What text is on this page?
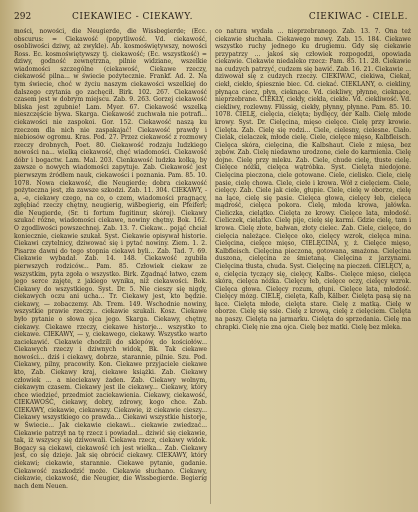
292	CIEKAWIEC - CIEKAWY.	CIEKIWAC - CIELE.

mości, nowości, die Neugierde, die Wissbegierde; (Ecc. obscurus: = Ciekawość (popytliwość. Vd. ciekawość, osobliwości dziwy, aż zwykle). Ab. kosmoświętywszy, nowości Ross. Ec. kosmoświętywszy tj. ciekawość; (Ec. wszystkość) = dziwy, godność zewnętrzna, pilnie widziane, wszelkie wiadomości szczególne (ciekawość, Ciekawe rzeczy, ciekawość pilna... w świecie pożytecznie. Frankf. Ad. 2. Na tym świecie, choć w życiu naszym ciekawości wszelkiej do dalszego czytania go zachęcił. Birk. 102. 267. Ciekawość czasem jest w dobrym miejscu. Zab. 9. 263. Gorzej ciekawość bliska jest zgubnie! Lam. Myer. 67. Ciekawość wszelką nieszczęście bywa. Skarga. Ciekawość zuchwała nie potrafi... ciekawości nie zaspokoi. Gor. 152. Ciekawość naszą ku rzeczom dla nich nie zaspakajać! Ciekawość prawdy i niebiosów ogromu. Kras. Pod. 27. Przez ciekawość z rozmowy rzeczy drobnych, Poet. 80. Ciekawość rodzaju ludzkiego nowości na... wielką ciekawość, chęć wiadomości. Ciekawość dóbr i bogactw. Lam. Mal. 203. Cienkawość ludzka kolką, by zawsze o nowych wiadomości zapytuje. Zab. Ciekawość jest pierwszym źródłem nauk, ciekawości i poznania. Pam. 85. 10. 1078. Nowa ciekawość, die Neugierde; dobra ciekawość pożyteczna jest, zła zawsze szkodzi. Zab. 11. 304. CIEKAWY, -a, -e, ciekawy czego, na co, o czem, wiadomości pragnący, zgłębiać rzeczy chętny, neugierig, wißbegierig, ein Pfeiferl; die Neugierde, (Sr. ti fortum fugitinur, skórej). Ciekawy szukać różne, wiadomości ciekawe, nowiny chętny. Bok. 162. O zgodliwości powszechnej. Zab. 13. 7. Ciekaw... pojąć chciał koniecznie, ciekawie szukał. Syst. Ciekawie opisywał historie. Ciekawi czytelnicy, dziwować się i pytać nowiny. Ziem. 1. 2. Pisarze dawni do tego stopnia ciekawi byli... Zab. Tad. 7. 69. Ciekawie wybadał. Zab. 14. 148. Ciekawość zgubiła pierwszych rodziców... Pam. 85. Człowiek ciekaw ze wszystkim, pyta zgoła o wszystko. Birk. Zgadnąć łatwo, czem jego serce zajęte, z jakiego wynika, niż ciekawości. Bok. Ciekawy do wszystkiego. Syst. Dr. 5. Nie cieszy się nigdy, ciekawych oczu ani ucha... Tr. Ciekawy jest, kto będzie. ciekawy, — zobaczemy. Ab. Trem. 149. Wschodnie nowiny, wszystkie prawie rzeczy... ciekawie szukali. Kosz. Ciekawe było pytanie o słowa ojca jego. Skarga. Ciekawy, chętny, ciekawy. Ciekawe rzeczy, ciekawe historje... wszystko to ciekawe. CIEKAWY, — y, ciekawego, ciekawy. Wszystko warto zaciekawić. Ciekawie chodzili do sklepów, do kościołów... Ciekawych rzeczy i dziwnych widok, Bk. Tak ciekawe nowości... dziś i ciekawy, dobrze, starannie, pilnie. Szu. Pod. Ciekawy, pilny, pracowity. Kon. Ciekawe przyjaciele ciekawe kto, Zab. Ciekawy kraj, ciekawe książki. Zab. Ciekawy człowiek ... a nieciekawy żaden. Zab. Ciekawy wolnym, ciekawym czasem. Ciekawy jest ile ciekawy... Ciekawy, który chce wiedzieć, przedmiot zaciekawienia. Ciekawy, ciekawość, CIEKAWOŚĆ, ciekawy, dobry, zdrowy, kogo chce. Zab. CIEKAWY, ciekawie, ciekawszy. Ciekawie, iż ciekawie cieszy... Ciekawy wszystkiego co prawda... Ciekawi wszystkie historje, w Świecie... Jak ciekawie ciekawi... ciekawie zwiedzać... Ciekawie patrzył na tę rzecz i powiadał... dziwić się ciekawie, tak, iż wszyscy się dziwowali. Ciekawa rzecz, ciekawy widok. Bogacy są ciekawi, ciekawość ich jest wielka... Zab. Ciekawy jest, co się dzieje. Jak się obrócić ciekawy. CIEKAWY, który ciekawi; ciekawie, starannie. Ciekawe pytanie, gadanie. Ciekawość zaszkodzić może. Ciekawie słuchano. Ciekawy, ciekawie, ciekawość, die Neugier, die Wissbegierde. Begierig nach dem Neuen.

co natura wydała ... nieprzebranego. Zab. 13. 7. Ona też ciekawie słuchała. Ciekawego mowy. Zab. 15. 184. Ciekawe wszystko ruchy jednego ku drugiemu. Gdy się ciekawie przypatrzy ... jakoś się człowiek rozpogodzi, opowiada ciekawie. Ciekawie niedaleko rzecz: Pam. 85. 11. 28. Ciekawie na cudzych patrzyć, cudzem się bawić. Zab. 16. 21. Ciekawie ... dziwował się z cudzych rzeczy. CIEKIWAC, ciekiwa, Ciekał, ciekł, ciekło, śpiesznie biec. Cd. ciekać. CIEKLANY, o. ciekliny, płynąca ciecz, płyn, cieknące. Vd. ciekliwy, płynne, cieknące, nieprzebrane. CIEKŁY, ciekły, ciekła, ciekłe. Vd. ciekliwość. Vd. ciekliwy, rozlewny. Flüssig, ciekły, płynny, płynne. Pam. 85. 10. 1078. CIELĘ, cielęcia, cielęta; bydlęcy, der Kalb. Cielę młode krowy. Syst. Dr. Cielęcina, mięso cielęce. Cielę przy krowie. Cielęta. Zab. Cielę się rodzi... Ciele, cielesny, cielesne. Ciało. Cielak, cielaczek, młode cielę. Ciele, cielęce mięso, Kalbfleisch. Cielęca skóra, cielęcina, die Kalbshaut. Ciele z mięsa, bez zębów. Zab. Cielę niedawno urodzone, ciele do karmienia. Cielę dojne. Cielę przy mleku. Zab. Ciele, chude cielę, tłuste cielę. Cielęce nóżki, cielęca wątróbka. Syst. Cielęta niedojone. Cielęcina pieczona, ciele gotowane. Ciele, cielisko. Ciele, cielę pasie, cielę chowa. Ciele, ciele i krowa. Wół z cielęciem. Ciele, cielęcy. Zab. Ciele jak ciele, głupie. Ciele, cielę w oborze, cielę na łące, cielę się pasie. Cielęca głowa, cielęcy łeb, cielęca mądrość, cielęca pokora. Cielę, młoda krowa, jałówka. Cieliczka, cielątko. Cielęta ze krowy. Cielęce lata, młodość. Cieliczek, cielątko. Cielę pije, cielę się karmi. Gdzie cielę, tam i krowa. Cielę złote, bałwan, złoty cielec. Zab. Ciele, cielęce, do cielęcia należące. Cielęce oko, cielęcy wzrok, cielęca mina. Cielęcina, cielęce mięso, CIELĘCINA, y, ż. Cielęce mięso, Kalbfleisch. Cielęcina pieczona, gotowana, smażona. Cielęcina duszona, cielęcina ze śmietaną. Cielęcina z jarzynami. Cielęcina tłusta, chuda. Syst. Cielęcinę na pieczeń. CIELĘCY, a, e, cielęcia tyczący się, cielęcy, Kalbs-. Cielęce mięso, cielęca skóra, cielęca nóżka. Cielęcy łeb, cielęce oczy, cielęcy wzrok. Cielęca głowa. Cielęcy rozum, głupi. Cielęce lata, młodość. Cielęcy mózg. CIELĘ, cielęta, Kalb, Kälber. Cielęta pasą się na łące. Cielęta młode, cielęta stare. Cielę z matką. Cielę w oborze. Cielę się ssie. Cielę z krową, cielę z cielęciem. Cielęta na paszy. Cielęta na jarmarku. Cielęta do sprzedania. Cielę ma chrapki. Cielę nie zna ojca. Cielę bez matki. Cielę bez mleka.
